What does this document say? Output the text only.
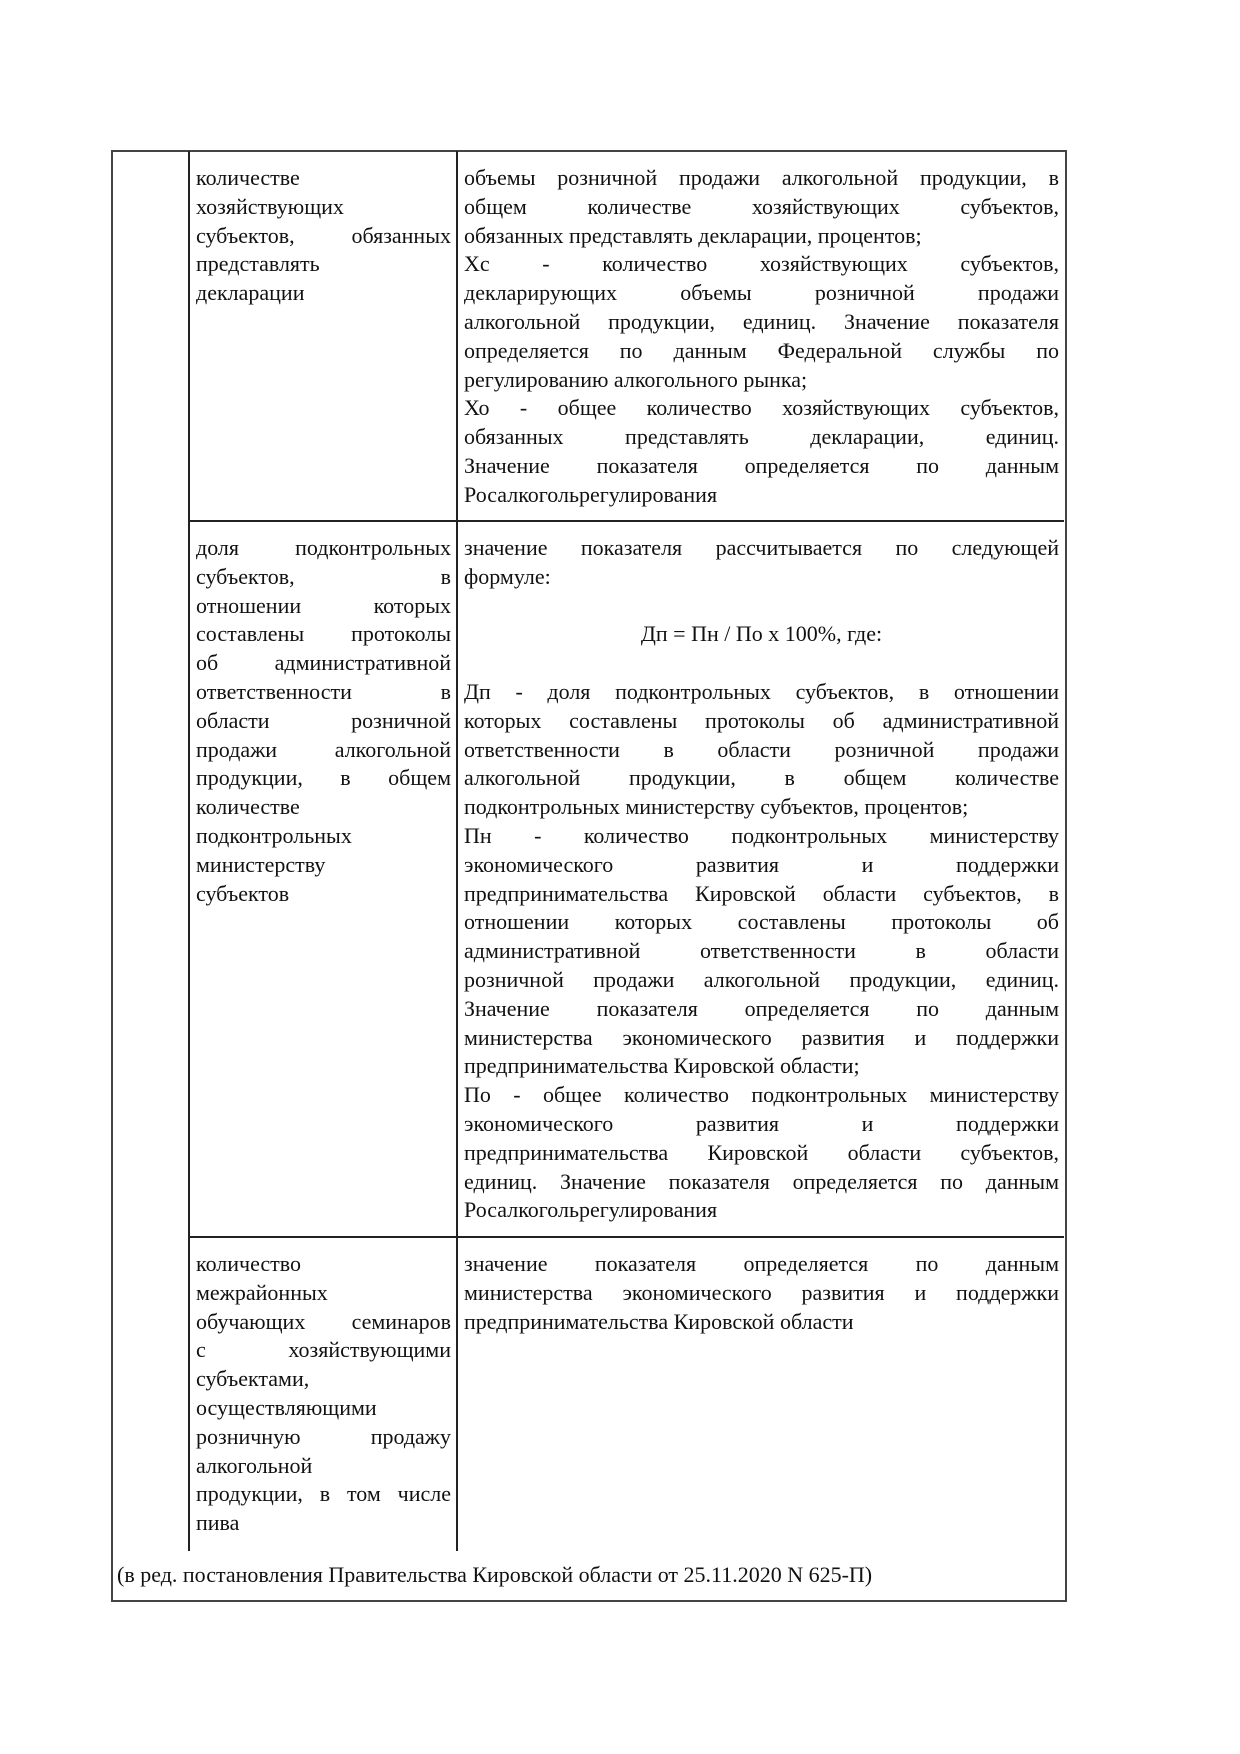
количестве
хозяйствующих
субъектов, обязанных
представлять
декларации
объемы розничной продажи алкогольной продукции, в
общем количестве хозяйствующих субъектов,
обязанных представлять декларации, процентов;
Хс - количество хозяйствующих субъектов,
декларирующих объемы розничной продажи
алкогольной продукции, единиц. Значение показателя
определяется по данным Федеральной службы по
регулированию алкогольного рынка;
Хо - общее количество хозяйствующих субъектов,
обязанных представлять декларации, единиц.
Значение показателя определяется по данным
Росалкогольрегулирования
доля подконтрольных
субъектов, в
отношении которых
составлены протоколы
об административной
ответственности в
области розничной
продажи алкогольной
продукции, в общем
количестве
подконтрольных
министерству
субъектов
значение показателя рассчитывается по следующей
формуле:
Дп = Пн / По х 100%, где:
Дп - доля подконтрольных субъектов, в отношении
которых составлены протоколы об административной
ответственности в области розничной продажи
алкогольной продукции, в общем количестве
подконтрольных министерству субъектов, процентов;
Пн - количество подконтрольных министерству
экономического развития и поддержки
предпринимательства Кировской области субъектов, в
отношении которых составлены протоколы об
административной ответственности в области
розничной продажи алкогольной продукции, единиц.
Значение показателя определяется по данным
министерства экономического развития и поддержки
предпринимательства Кировской области;
По - общее количество подконтрольных министерству
экономического развития и поддержки
предпринимательства Кировской области субъектов,
единиц. Значение показателя определяется по данным
Росалкогольрегулирования
количество
межрайонных
обучающих семинаров
с хозяйствующими
субъектами,
осуществляющими
розничную продажу
алкогольной
продукции, в том числе
пива
значение показателя определяется по данным
министерства экономического развития и поддержки
предпринимательства Кировской области
(в ред. постановления Правительства Кировской области от 25.11.2020 N 625-П)
